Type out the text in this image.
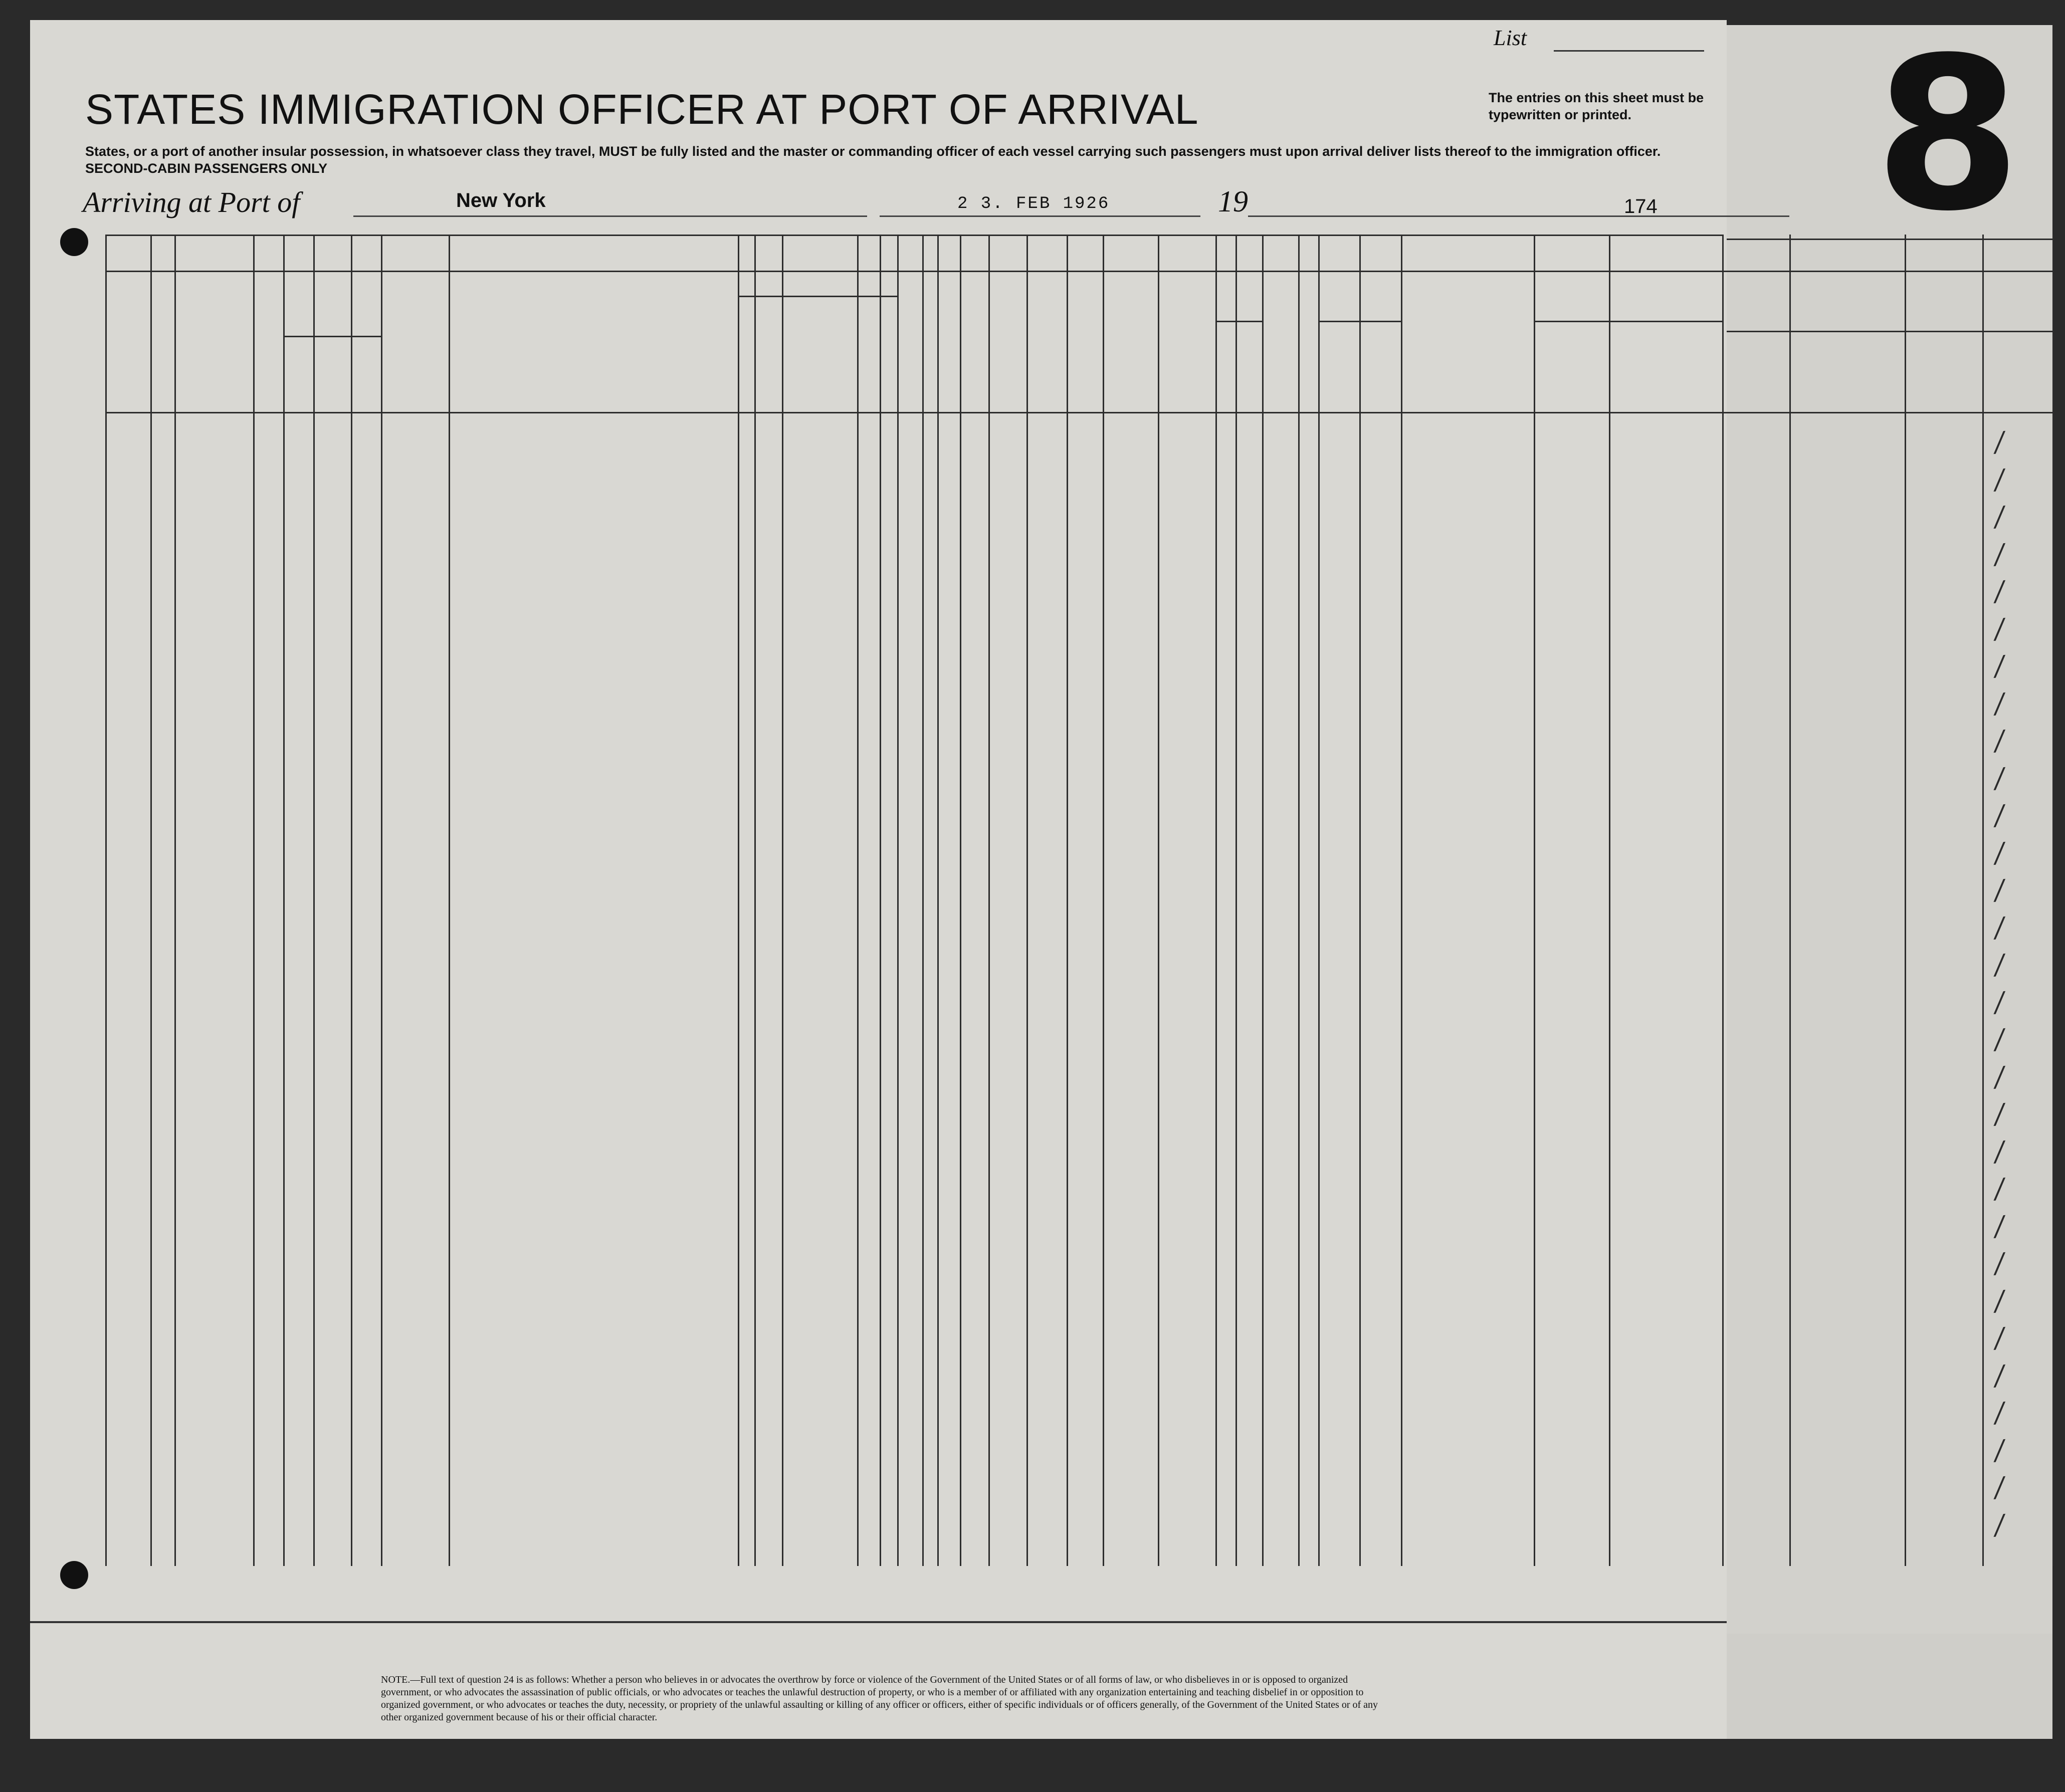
List
STATES IMMIGRATION OFFICER AT PORT OF ARRIVAL	The entries on this sheet must be typewritten or printed.
States, or a port of another insular possession, in whatsoever class they travel, MUST be fully listed and the master or commanding officer of each vessel carrying such passengers must upon arrival deliver lists thereof to the immigration officer.
SECOND-CABIN PASSENGERS ONLY
Arriving at Port of	New York	2 3. FEB 1926	19	174 8
/
/
/
/
/
/
/
/
/
/
/
/
/
/
/
/
/
/
/
/
/
/
/
/
/
/
/
/
/
/
NOTE.—Full text of question 24 is as follows: Whether a person who believes in or advocates the overthrow by force or violence of the Government of the United States or of all forms of law, or who disbelieves in or is opposed to organized government, or who advocates the assassination of public officials, or who advocates or teaches the unlawful destruction of property, or who is a member of or affiliated with any organization entertaining and teaching disbelief in or opposition to organized government, or who advocates or teaches the duty, necessity, or propriety of the unlawful assaulting or killing of any officer or officers, either of specific individuals or of officers generally, of the Government of the United States or of any other organized government because of his or their official character.
